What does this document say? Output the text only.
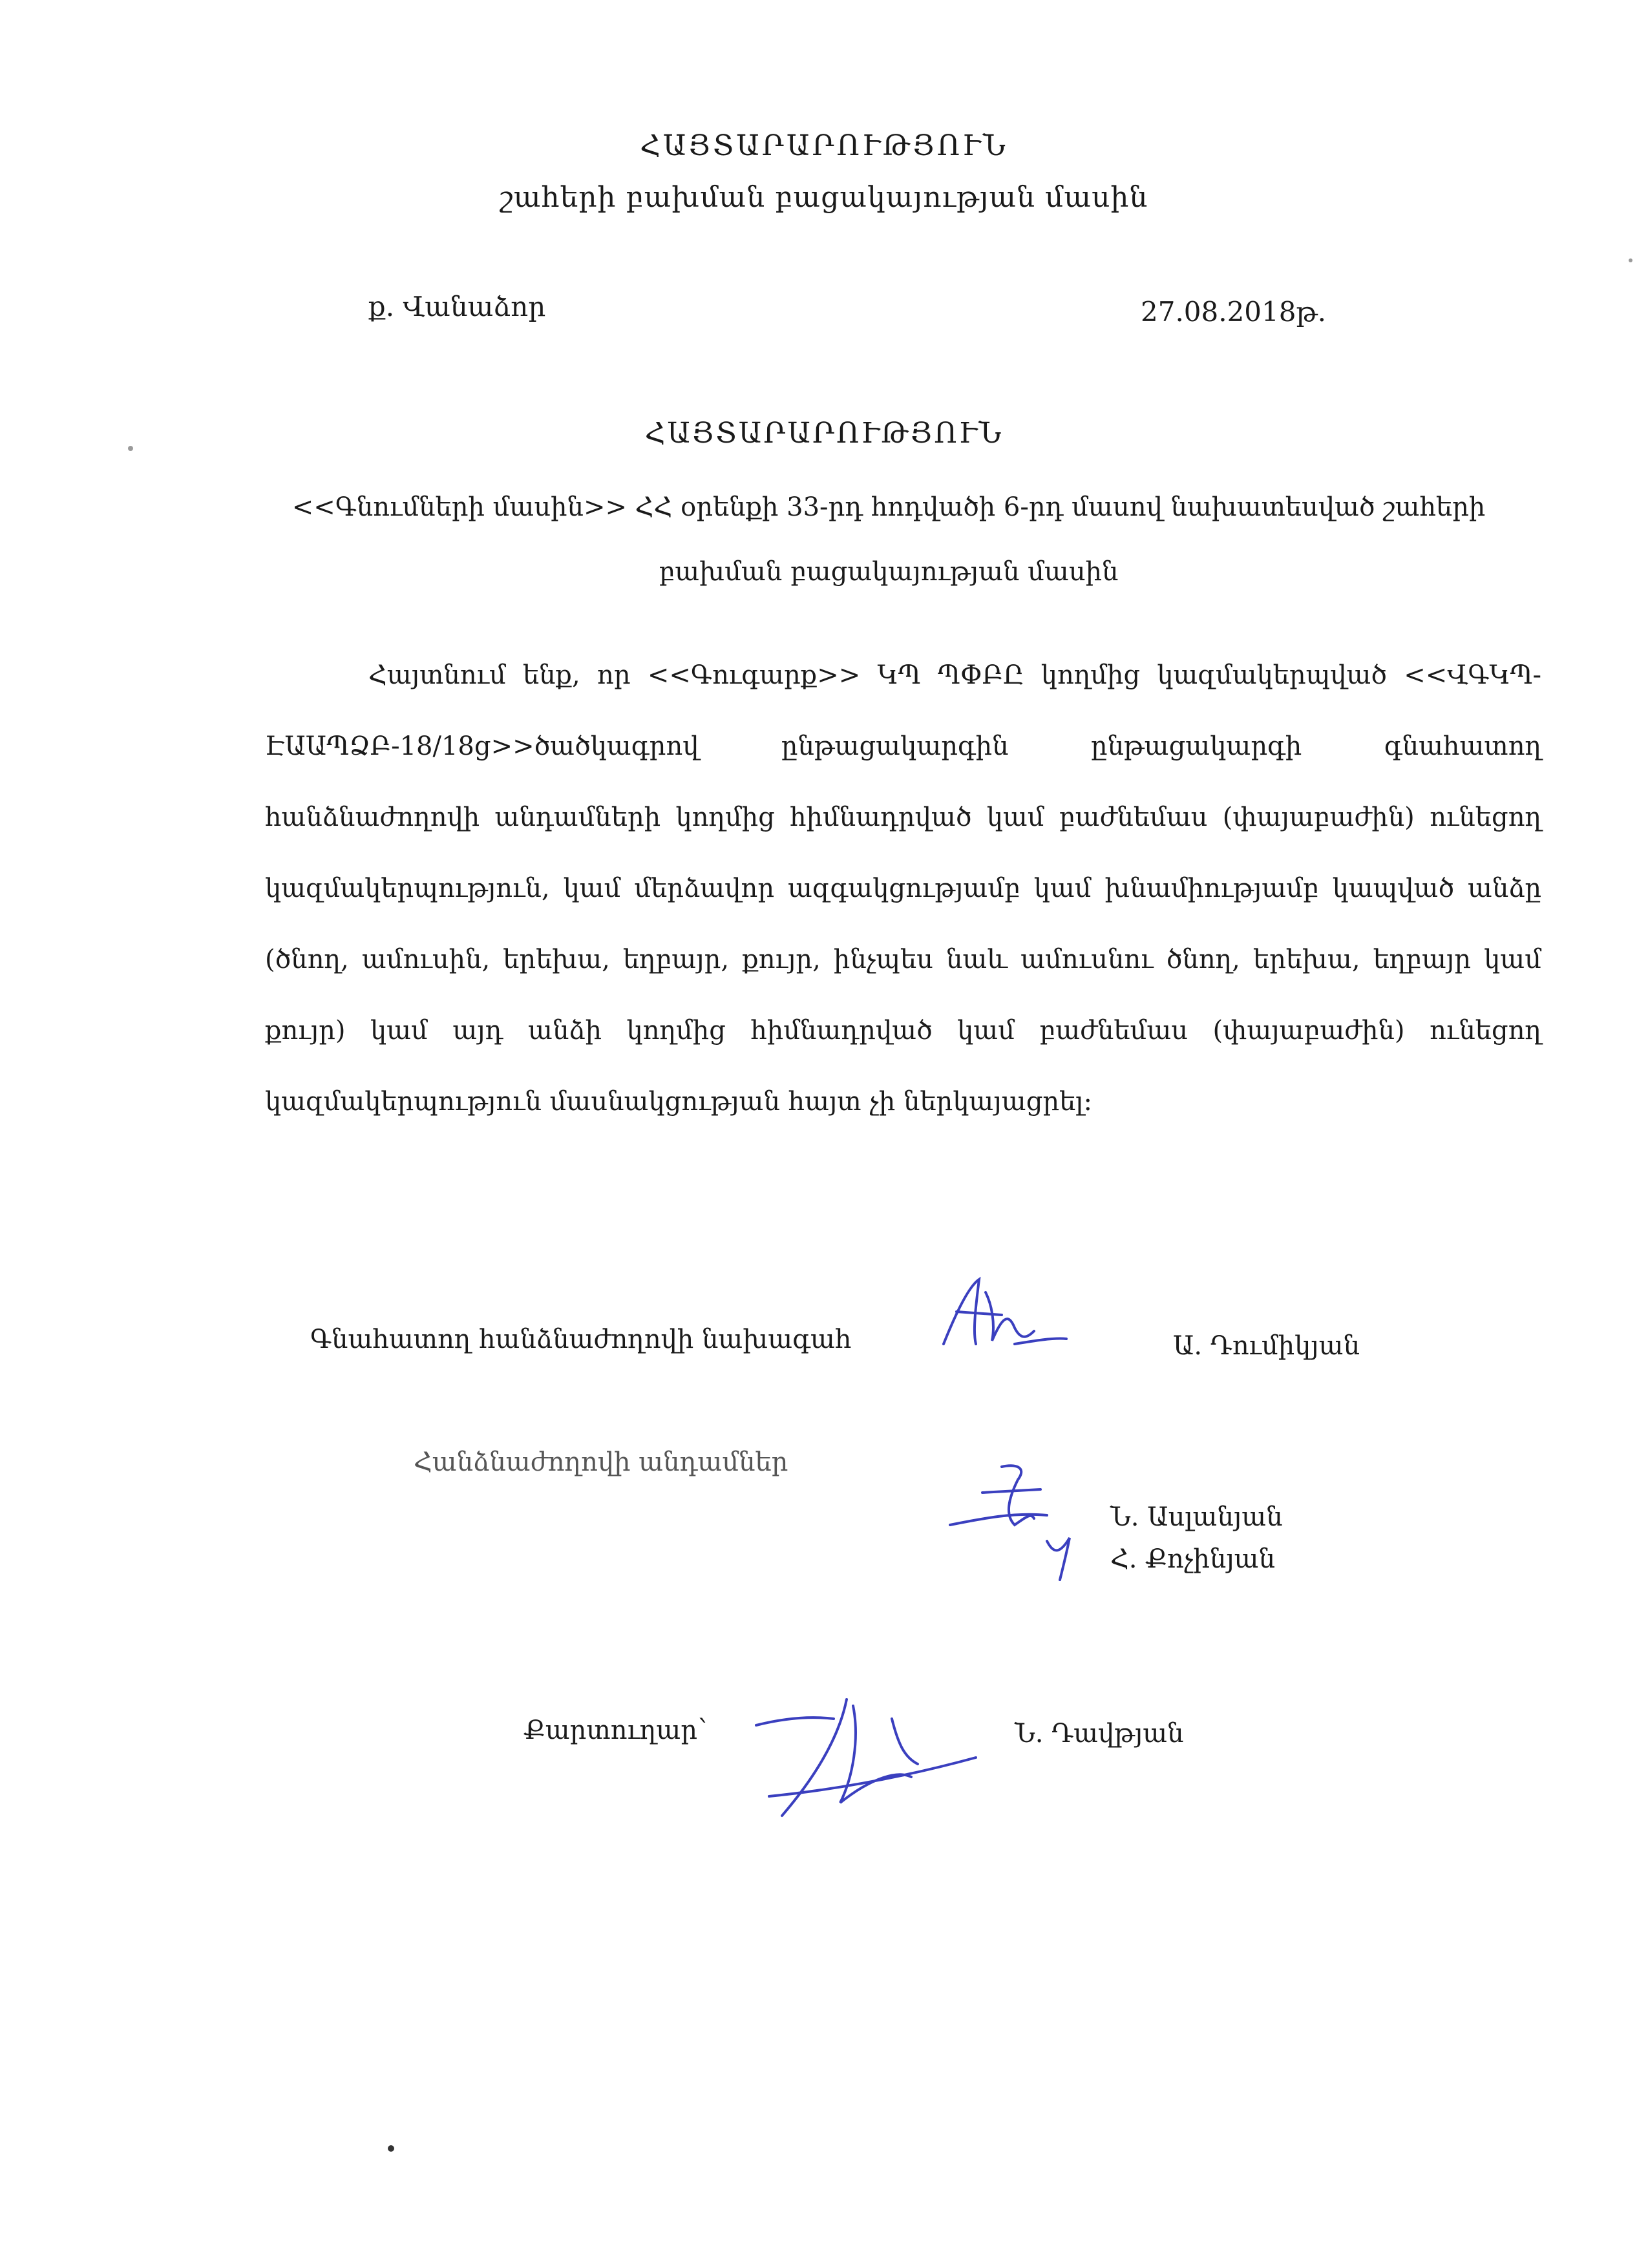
ՀԱՅՏԱՐԱՐՈՒԹՅՈՒՆ
շահերի բախման բացակայության մասին
ք. Վանաձոր	27.08.2018թ.
ՀԱՅՏԱՐԱՐՈՒԹՅՈՒՆ
<<Գնումների մասին>> ՀՀ օրենքի 33-րդ հոդվածի 6-րդ մասով նախատեսված շահերի
բախման բացակայության մասին
Հայտնում ենք, որ <<Գուգարք>> ԿՊ ՊՓԲԸ կողմից կազմակերպված <<ՎԳԿՊ-ԷԱԱՊՁԲ-18/18ց>>ծածկագրով ընթացակարգին ընթացակարգի գնահատող հանձնաժողովի անդամների կողմից հիմնադրված կամ բաժնեմաս (փայաբաժին) ունեցող կազմակերպություն, կամ մերձավոր ազգակցությամբ կամ խնամիությամբ կապված անձը (ծնող, ամուսին, երեխա, եղբայր, քույր, ինչպես նաև ամուսնու ծնող, երեխա, եղբայր կամ քույր) կամ այդ անձի կողմից հիմնադրված կամ բաժնեմաս (փայաբաժին) ունեցող կազմակերպություն մասնակցության հայտ չի ներկայացրել:
Գնահատող հանձնաժողովի նախագահ	Ա. Դումիկյան
Հանձնաժողովի անդամներ
Ն. Ասլանյան
Հ. Քոչինյան
Քարտուղար՝	Ն. Դավթյան
